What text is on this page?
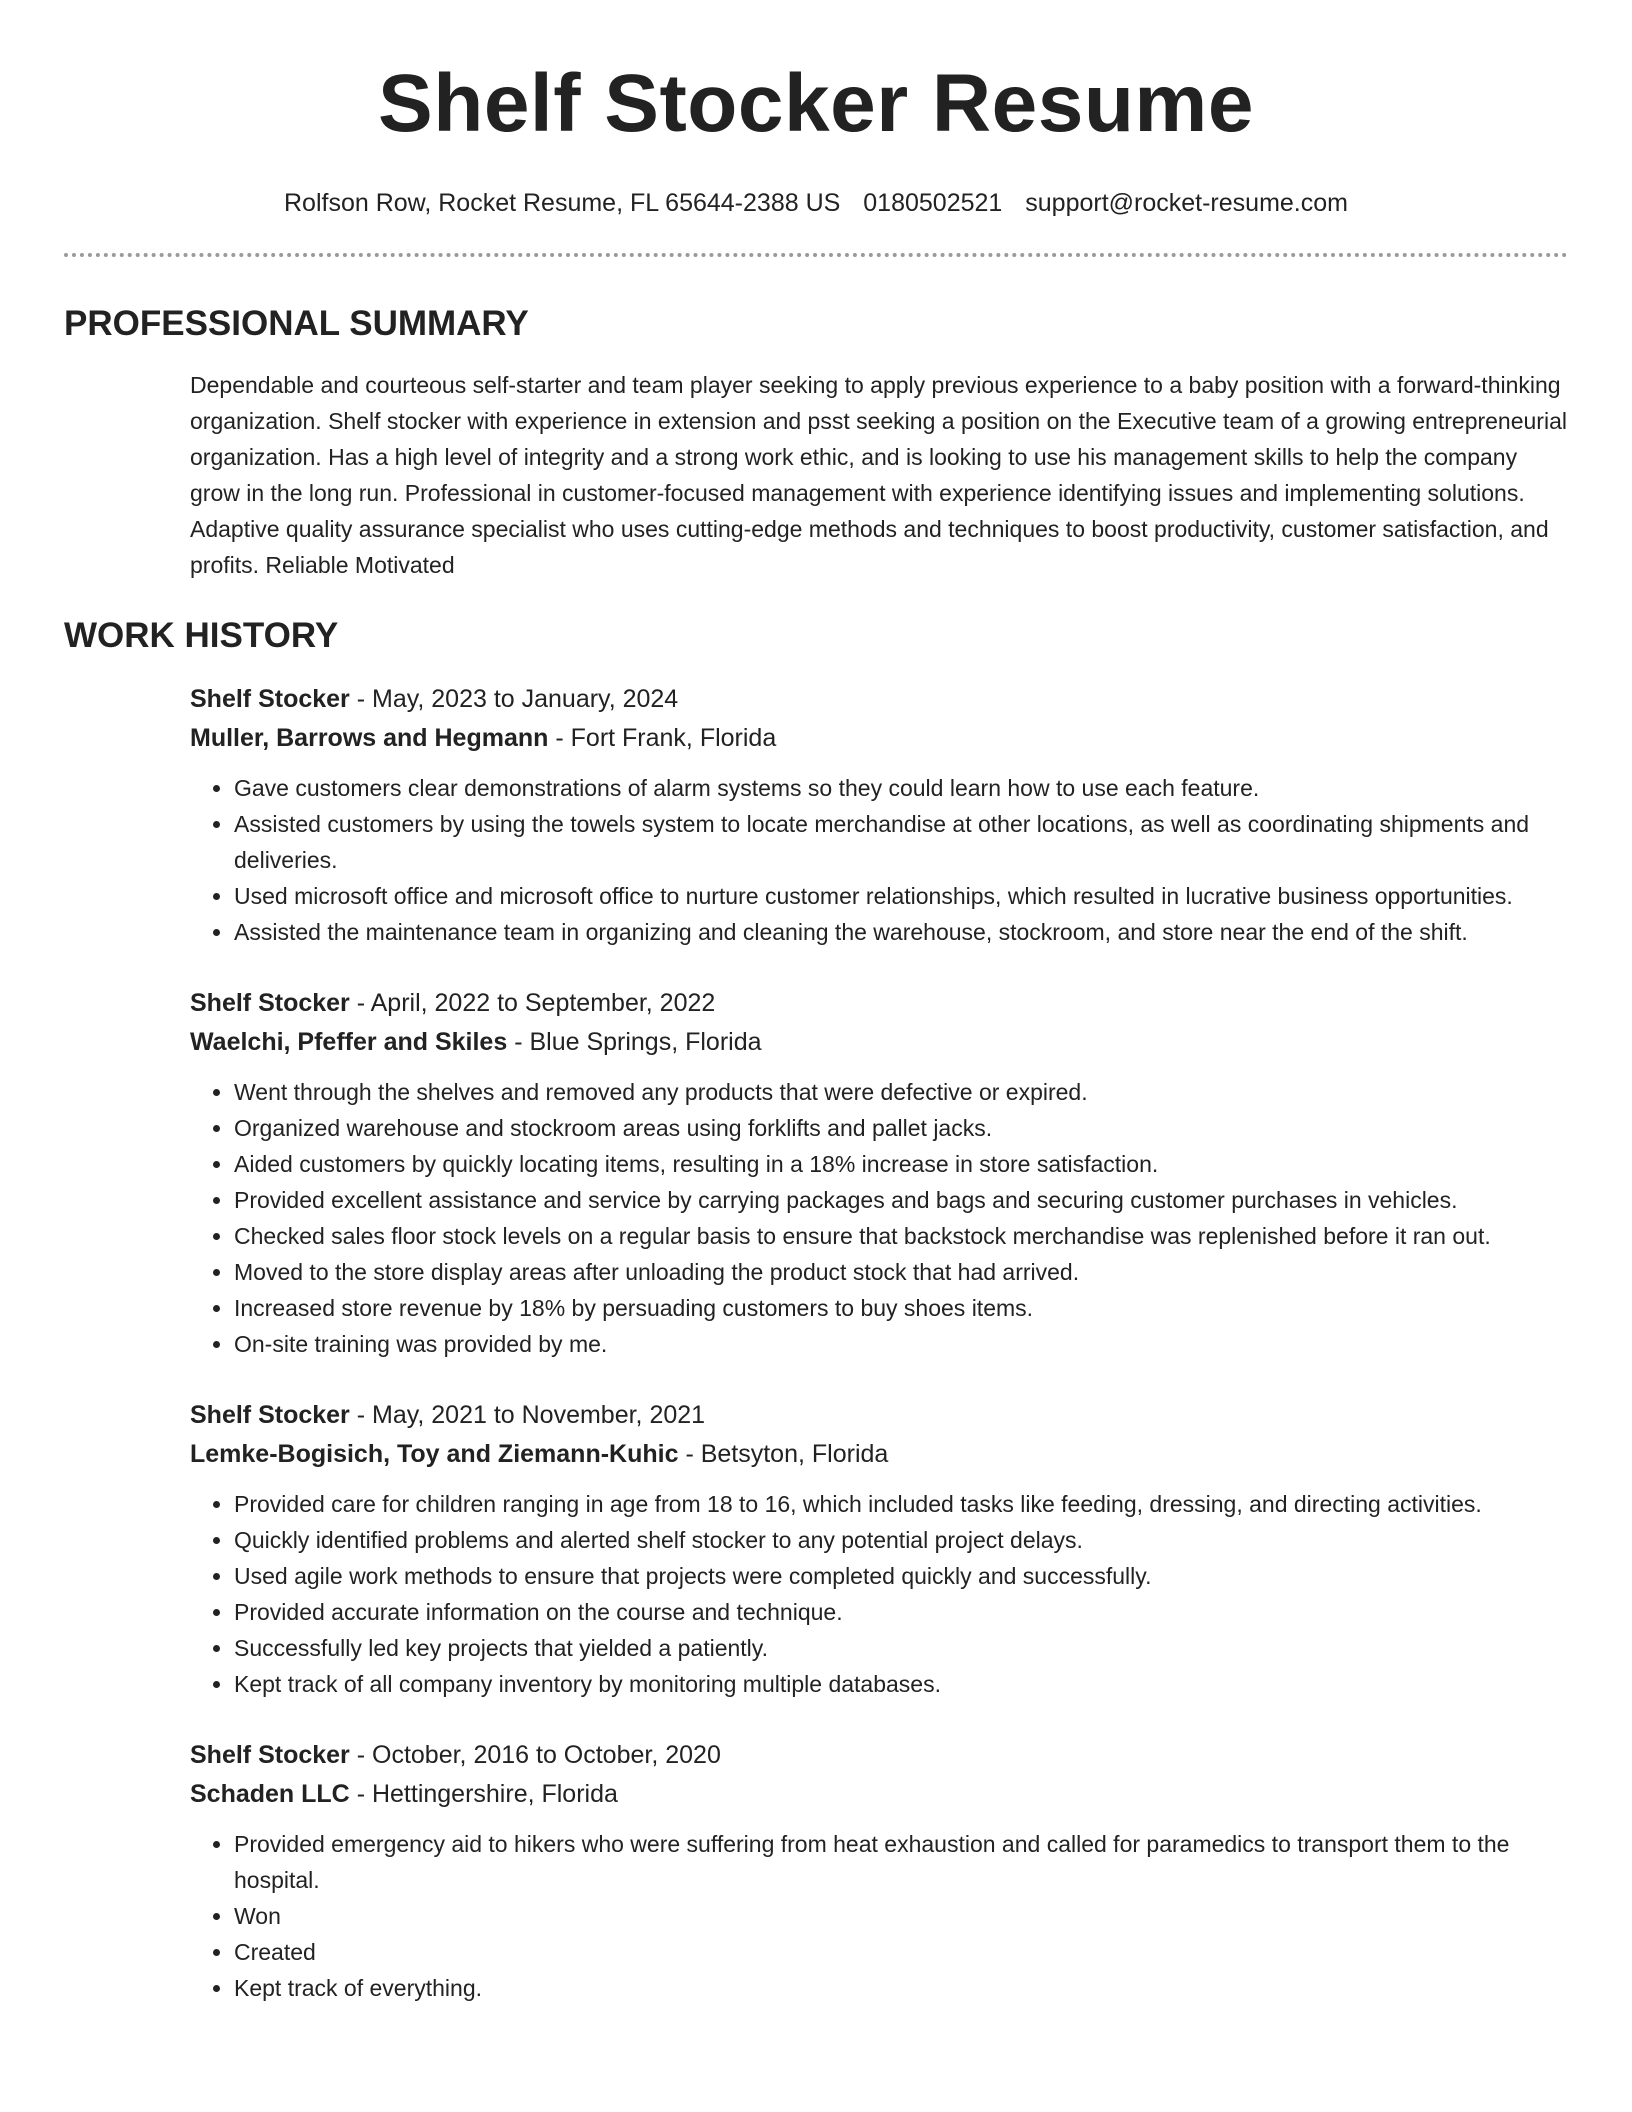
Shelf Stocker Resume
Rolfson Row, Rocket Resume, FL 65644-2388 US 0180502521 support@rocket-resume.com
PROFESSIONAL SUMMARY

Dependable and courteous self-starter and team player seeking to apply previous experience to a baby position with a forward-thinking organization. Shelf stocker with experience in extension and psst seeking a position on the Executive team of a growing entrepreneurial organization. Has a high level of integrity and a strong work ethic, and is looking to use his management skills to help the company grow in the long run. Professional in customer-focused management with experience identifying issues and implementing solutions. Adaptive quality assurance specialist who uses cutting-edge methods and techniques to boost productivity, customer satisfaction, and profits. Reliable Motivated

WORK HISTORY
Shelf Stocker - May, 2023 to January, 2024
Muller, Barrows and Hegmann - Fort Frank, Florida
• Gave customers clear demonstrations of alarm systems so they could learn how to use each feature.
• Assisted customers by using the towels system to locate merchandise at other locations, as well as coordinating shipments and deliveries.
• Used microsoft office and microsoft office to nurture customer relationships, which resulted in lucrative business opportunities.
• Assisted the maintenance team in organizing and cleaning the warehouse, stockroom, and store near the end of the shift.
Shelf Stocker - April, 2022 to September, 2022
Waelchi, Pfeffer and Skiles - Blue Springs, Florida
• Went through the shelves and removed any products that were defective or expired.
• Organized warehouse and stockroom areas using forklifts and pallet jacks.
• Aided customers by quickly locating items, resulting in a 18% increase in store satisfaction.
• Provided excellent assistance and service by carrying packages and bags and securing customer purchases in vehicles.
• Checked sales floor stock levels on a regular basis to ensure that backstock merchandise was replenished before it ran out.
• Moved to the store display areas after unloading the product stock that had arrived.
• Increased store revenue by 18% by persuading customers to buy shoes items.
• On-site training was provided by me.
Shelf Stocker - May, 2021 to November, 2021
Lemke-Bogisich, Toy and Ziemann-Kuhic - Betsyton, Florida
• Provided care for children ranging in age from 18 to 16, which included tasks like feeding, dressing, and directing activities.
• Quickly identified problems and alerted shelf stocker to any potential project delays.
• Used agile work methods to ensure that projects were completed quickly and successfully.
• Provided accurate information on the course and technique.
• Successfully led key projects that yielded a patiently.
• Kept track of all company inventory by monitoring multiple databases.
Shelf Stocker - October, 2016 to October, 2020
Schaden LLC - Hettingershire, Florida
• Provided emergency aid to hikers who were suffering from heat exhaustion and called for paramedics to transport them to the hospital.
• Won
• Created
• Kept track of everything.
